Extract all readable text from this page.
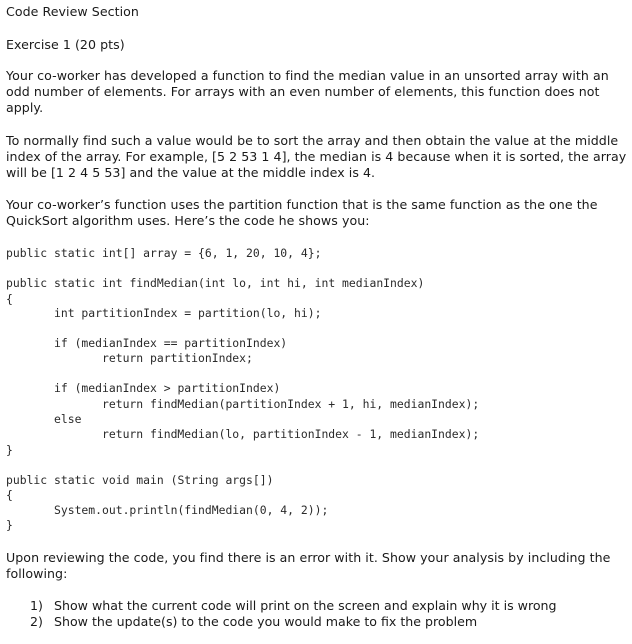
Code Review Section

Exercise 1 (20 pts)

Your co-worker has developed a function to find the median value in an unsorted array with an odd number of elements. For arrays with an even number of elements, this function does not apply.

To normally find such a value would be to sort the array and then obtain the value at the middle index of the array. For example, [5 2 53 1 4], the median is 4 because when it is sorted, the array will be [1 2 4 5 53] and the value at the middle index is 4.

Your co-worker’s function uses the partition function that is the same function as the one the QuickSort algorithm uses. Here’s the code he shows you:

public static int[] array = {6, 1, 20, 10, 4};
public static int findMedian(int lo, int hi, int medianIndex)
{
int partitionIndex = partition(lo, hi);
if (medianIndex == partitionIndex)
return partitionIndex;
if (medianIndex > partitionIndex)
return findMedian(partitionIndex + 1, hi, medianIndex);
else
return findMedian(lo, partitionIndex - 1, medianIndex);
}
public static void main (String args[])
{
System.out.println(findMedian(0, 4, 2));
}

Upon reviewing the code, you find there is an error with it. Show your analysis by including the following:

1) Show what the current code will print on the screen and explain why it is wrong
2) Show the update(s) to the code you would make to fix the problem
